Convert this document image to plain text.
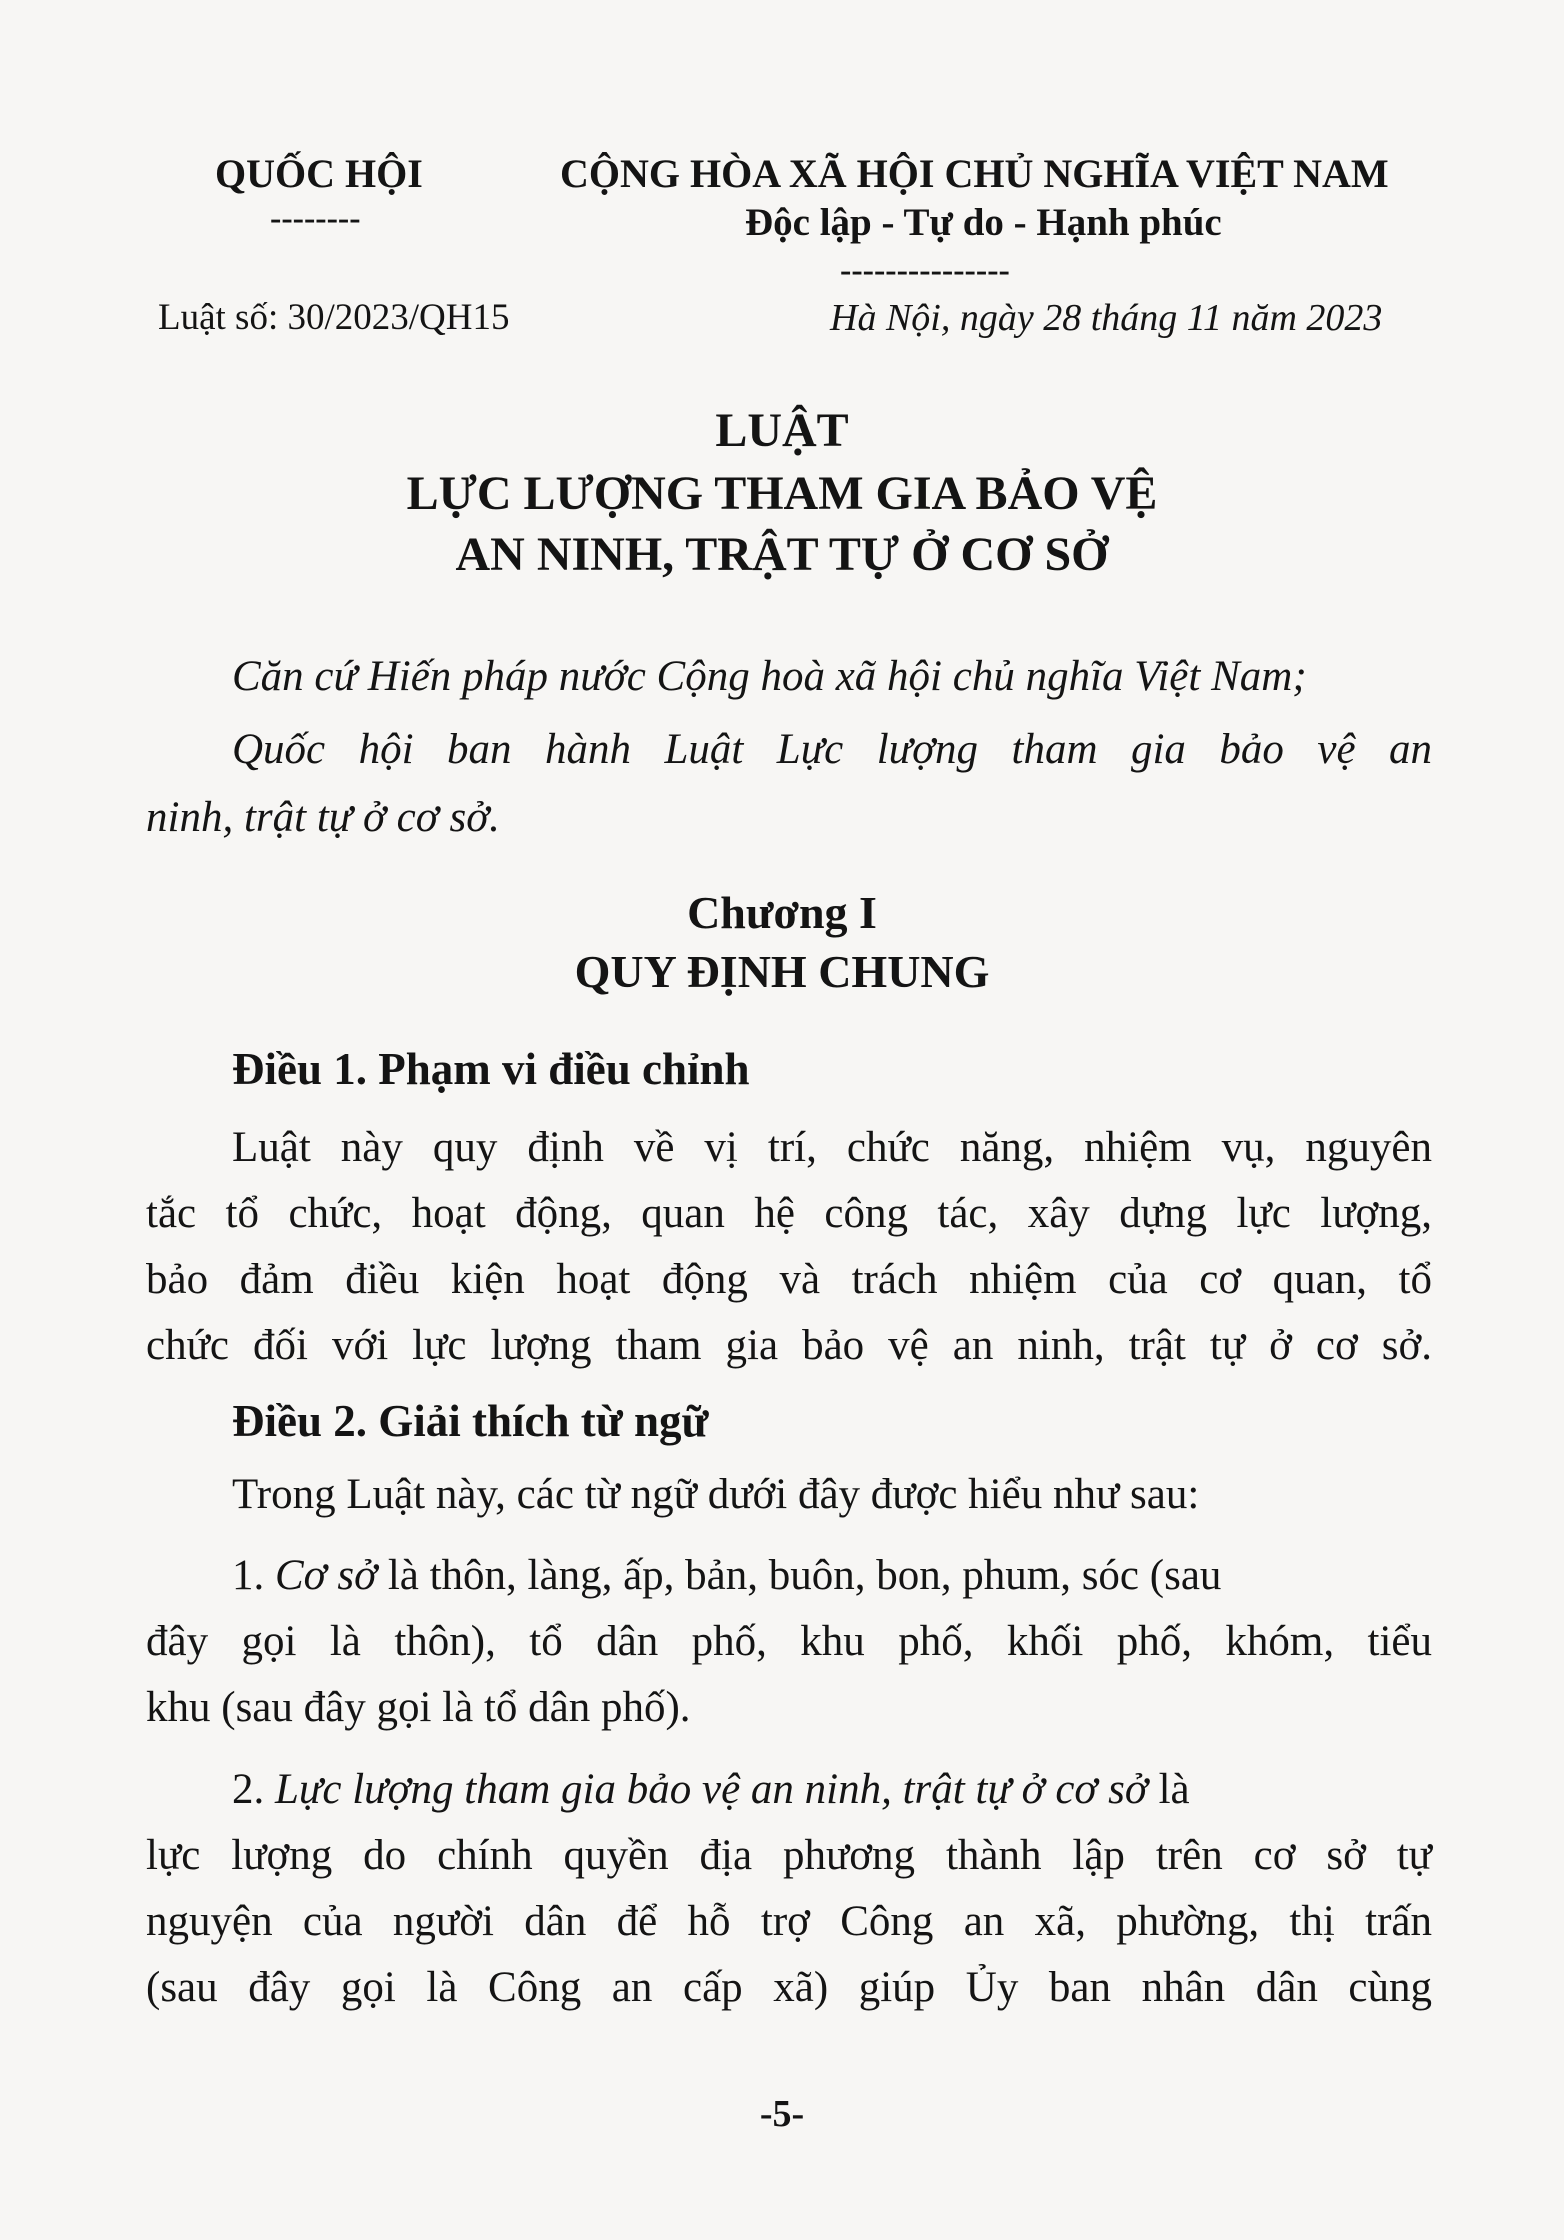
QUỐC HỘI
--------
CỘNG HÒA XÃ HỘI CHỦ NGHĨA VIỆT NAM
Độc lập - Tự do - Hạnh phúc
---------------
Luật số: 30/2023/QH15	Hà Nội, ngày 28 tháng 11 năm 2023
LUẬT
LỰC LƯỢNG THAM GIA BẢO VỆ
AN NINH, TRẬT TỰ Ở CƠ SỞ
Căn cứ Hiến pháp nước Cộng hoà xã hội chủ nghĩa Việt Nam;
Quốc hội ban hành Luật Lực lượng tham gia bảo vệ an
ninh, trật tự ở cơ sở.
Chương I
QUY ĐỊNH CHUNG
Điều 1. Phạm vi điều chỉnh
Luật này quy định về vị trí, chức năng, nhiệm vụ, nguyên
tắc tổ chức, hoạt động, quan hệ công tác, xây dựng lực lượng,
bảo đảm điều kiện hoạt động và trách nhiệm của cơ quan, tổ
chức đối với lực lượng tham gia bảo vệ an ninh, trật tự ở cơ sở.
Điều 2. Giải thích từ ngữ
Trong Luật này, các từ ngữ dưới đây được hiểu như sau:
1. Cơ sở là thôn, làng, ấp, bản, buôn, bon, phum, sóc (sau
đây gọi là thôn), tổ dân phố, khu phố, khối phố, khóm, tiểu
khu (sau đây gọi là tổ dân phố).
2. Lực lượng tham gia bảo vệ an ninh, trật tự ở cơ sở là
lực lượng do chính quyền địa phương thành lập trên cơ sở tự
nguyện của người dân để hỗ trợ Công an xã, phường, thị trấn
(sau đây gọi là Công an cấp xã) giúp Ủy ban nhân dân cùng
-5-
